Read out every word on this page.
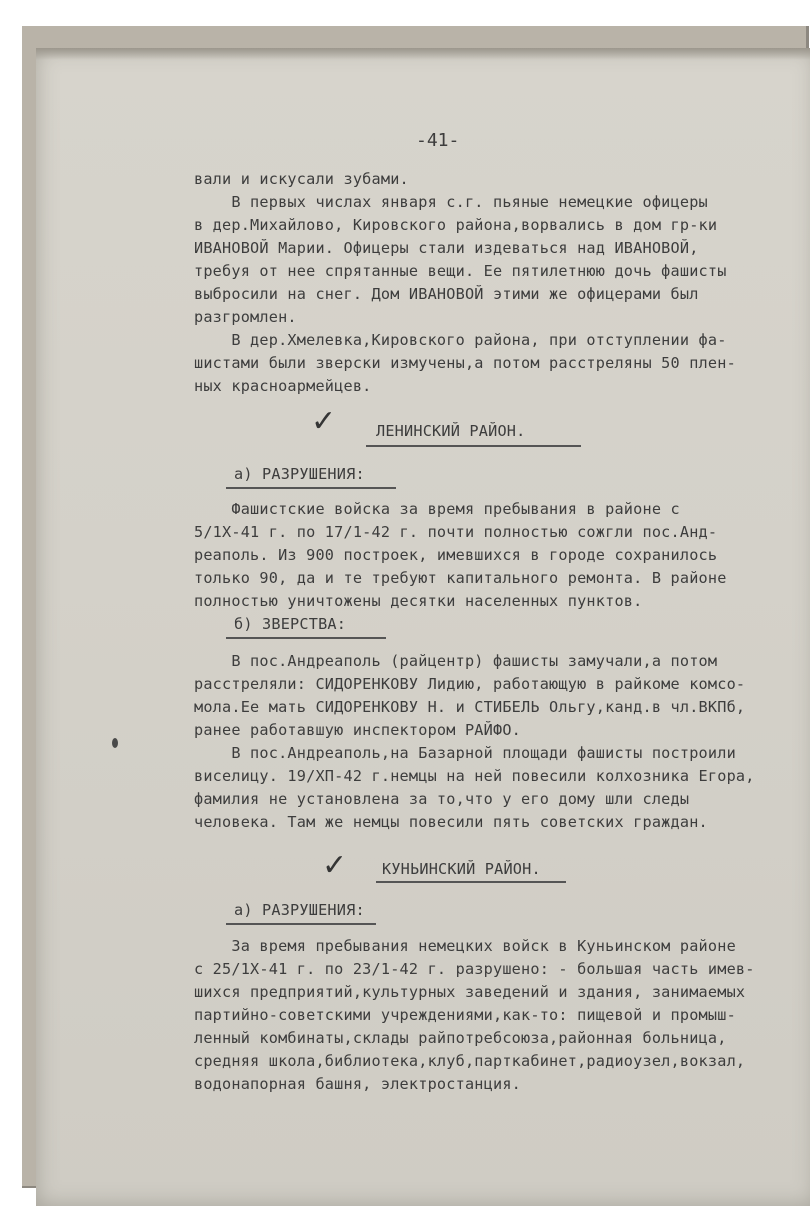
-41-

вали и искусали зубами.

В первых числах января с.г. пьяные немецкие офицеры

в дер.Михайлово, Кировского района,ворвались в дом гр-ки

ИВАНОВОЙ Марии. Офицеры стали издеваться над ИВАНОВОЙ,

требуя от нее спрятанные вещи. Ее пятилетнюю дочь фашисты

выбросили на снег. Дом ИВАНОВОЙ этими же офицерами был

разгромлен.

В дер.Хмелевка,Кировского района, при отступлении фа-

шистами были зверски измучены,а потом расстреляны 50 плен-

ных красноармейцев.

✓

	ЛЕНИНСКИЙ РАЙОН.

а) РАЗРУШЕНИЯ:

Фашистские войска за время пребывания в районе с

5/1Х-41 г. по 17/1-42 г. почти полностью сожгли пос.Анд-

реаполь. Из 900 построек, имевшихся в городе сохранилось

только 90, да и те требуют капитального ремонта. В районе

полностью уничтожены десятки населенных пунктов.

б) ЗВЕРСТВА:

В пос.Андреаполь (райцентр) фашисты замучали,а потом

расстреляли: СИДОРЕНКОВУ Лидию, работающую в райкоме комсо-

мола.Ее мать СИДОРЕНКОВУ Н. и СТИБЕЛЬ Ольгу,канд.в чл.ВКПб,

ранее работавшую инспектором РАЙФО.

В пос.Андреаполь,на Базарной площади фашисты построили

виселицу. 19/ХП-42 г.немцы на ней повесили колхозника Егора,

фамилия не установлена за то,что у его дому шли следы

человека. Там же немцы повесили пять советских граждан.

✓

КУНЬИНСКИЙ РАЙОН.

а) РАЗРУШЕНИЯ:

За время пребывания немецких войск в Куньинском районе

с 25/1Х-41 г. по 23/1-42 г. разрушено: - большая часть имев-

шихся предприятий,культурных заведений и здания, занимаемых

партийно-советскими учреждениями,как-то: пищевой и промыш-

ленный комбинаты,склады райпотребсоюза,районная больница,

средняя школа,библиотека,клуб,парткабинет,радиоузел,вокзал,

водонапорная башня, электростанция.
